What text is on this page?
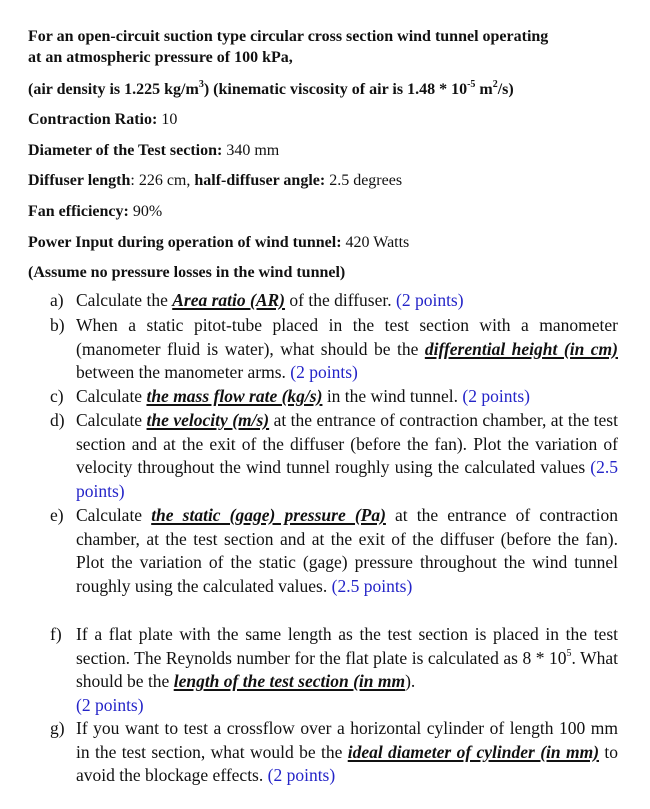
For an open-circuit suction type circular cross section wind tunnel operating
at an atmospheric pressure of 100 kPa,
(air density is 1.225 $kg/m^3$) (kinematic viscosity of air is $1.48 * 10^{-5}$ $m^2/s$)
Contraction Ratio: 10
Diameter of the Test section: 340 mm
Diffuser length: 226 cm, half-diffuser angle: 2.5 degrees
Fan efficiency: 90%
Power Input during operation of wind tunnel: 420 Watts
(Assume no pressure losses in the wind tunnel)
a) Calculate the Area ratio (AR) of the diffuser. (2 points)
b) When a static pitot-tube placed in the test section with a manometer (manometer fluid is water), what should be the differential height (in cm) between the manometer arms. (2 points)
c) Calculate the mass flow rate (kg/s) in the wind tunnel. (2 points)
d) Calculate the velocity (m/s) at the entrance of contraction chamber, at the test section and at the exit of the diffuser (before the fan). Plot the variation of velocity throughout the wind tunnel roughly using the calculated values (2.5 points)
e) Calculate the static (gage) pressure (Pa) at the entrance of contraction chamber, at the test section and at the exit of the diffuser (before the fan). Plot the variation of the static (gage) pressure throughout the wind tunnel roughly using the calculated values. (2.5 points)
f) If a flat plate with the same length as the test section is placed in the test section. The Reynolds number for the flat plate is calculated as $8 * 10^5$. What should be the length of the test section (in mm).
(2 points)
g) If you want to test a crossflow over a horizontal cylinder of length 100 mm in the test section, what would be the ideal diameter of cylinder (in mm) to avoid the blockage effects. (2 points)
